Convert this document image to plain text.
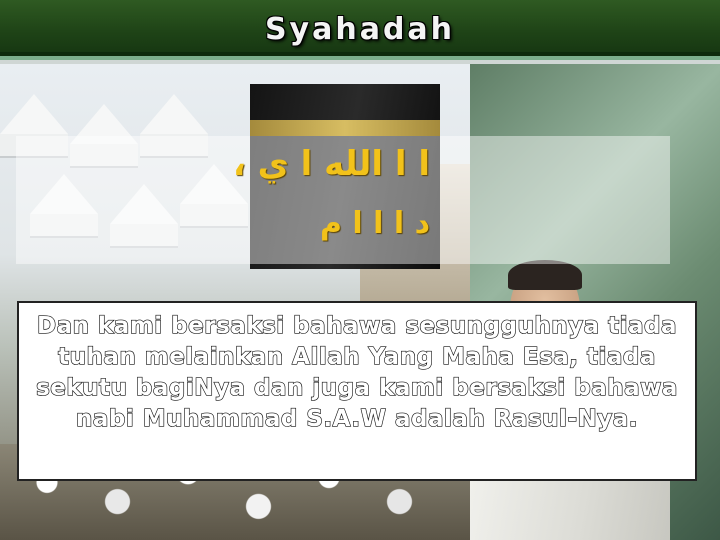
Syahadah
ا ا الله ا ي ،
د ا ا ا م

Dan kami bersaksi bahawa sesungguhnya tiada tuhan melainkan Allah Yang Maha Esa, tiada sekutu bagiNya dan juga kami bersaksi bahawa nabi Muhammad S.A.W adalah Rasul-Nya.
